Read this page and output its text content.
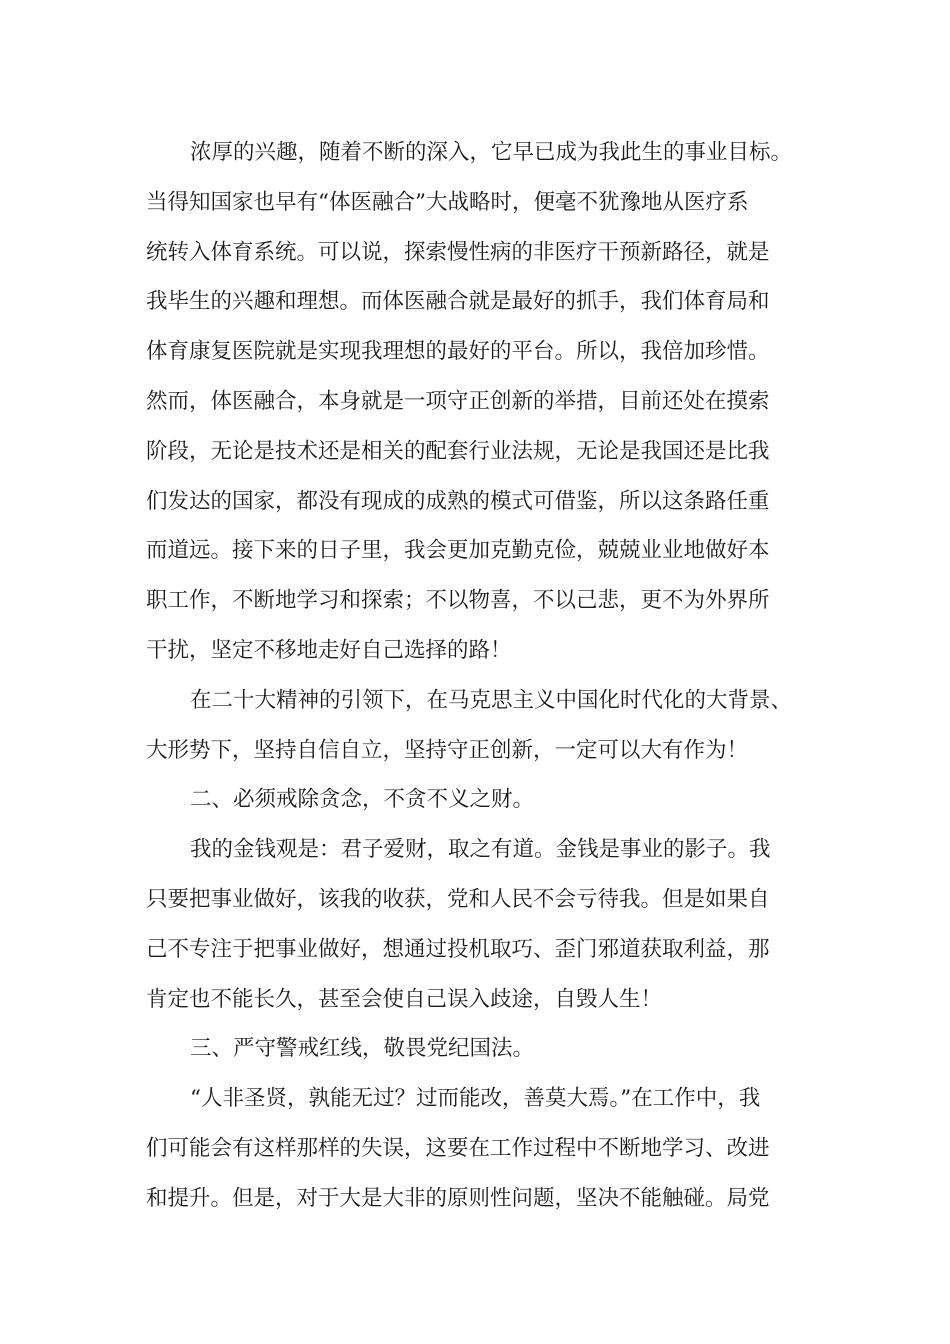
浓厚的兴趣，随着不断的深入，它早已成为我此生的事业目标。
当得知国家也早有“体医融合”大战略时，便毫不犹豫地从医疗系
统转入体育系统。可以说，探索慢性病的非医疗干预新路径，就是
我毕生的兴趣和理想。而体医融合就是最好的抓手，我们体育局和
体育康复医院就是实现我理想的最好的平台。所以，我倍加珍惜。
然而，体医融合，本身就是一项守正创新的举措，目前还处在摸索
阶段，无论是技术还是相关的配套行业法规，无论是我国还是比我
们发达的国家，都没有现成的成熟的模式可借鉴，所以这条路任重
而道远。接下来的日子里，我会更加克勤克俭，兢兢业业地做好本
职工作，不断地学习和探索；不以物喜，不以己悲，更不为外界所
干扰，坚定不移地走好自己选择的路！
在二十大精神的引领下，在马克思主义中国化时代化的大背景、
大形势下，坚持自信自立，坚持守正创新，一定可以大有作为！
二、必须戒除贪念，不贪不义之财。
我的金钱观是：君子爱财，取之有道。金钱是事业的影子。我
只要把事业做好，该我的收获，党和人民不会亏待我。但是如果自
己不专注于把事业做好，想通过投机取巧、歪门邪道获取利益，那
肯定也不能长久，甚至会使自己误入歧途，自毁人生！
三、严守警戒红线，敬畏党纪国法。
“人非圣贤，孰能无过？过而能改，善莫大焉。”在工作中，我
们可能会有这样那样的失误，这要在工作过程中不断地学习、改进
和提升。但是，对于大是大非的原则性问题，坚决不能触碰。局党
